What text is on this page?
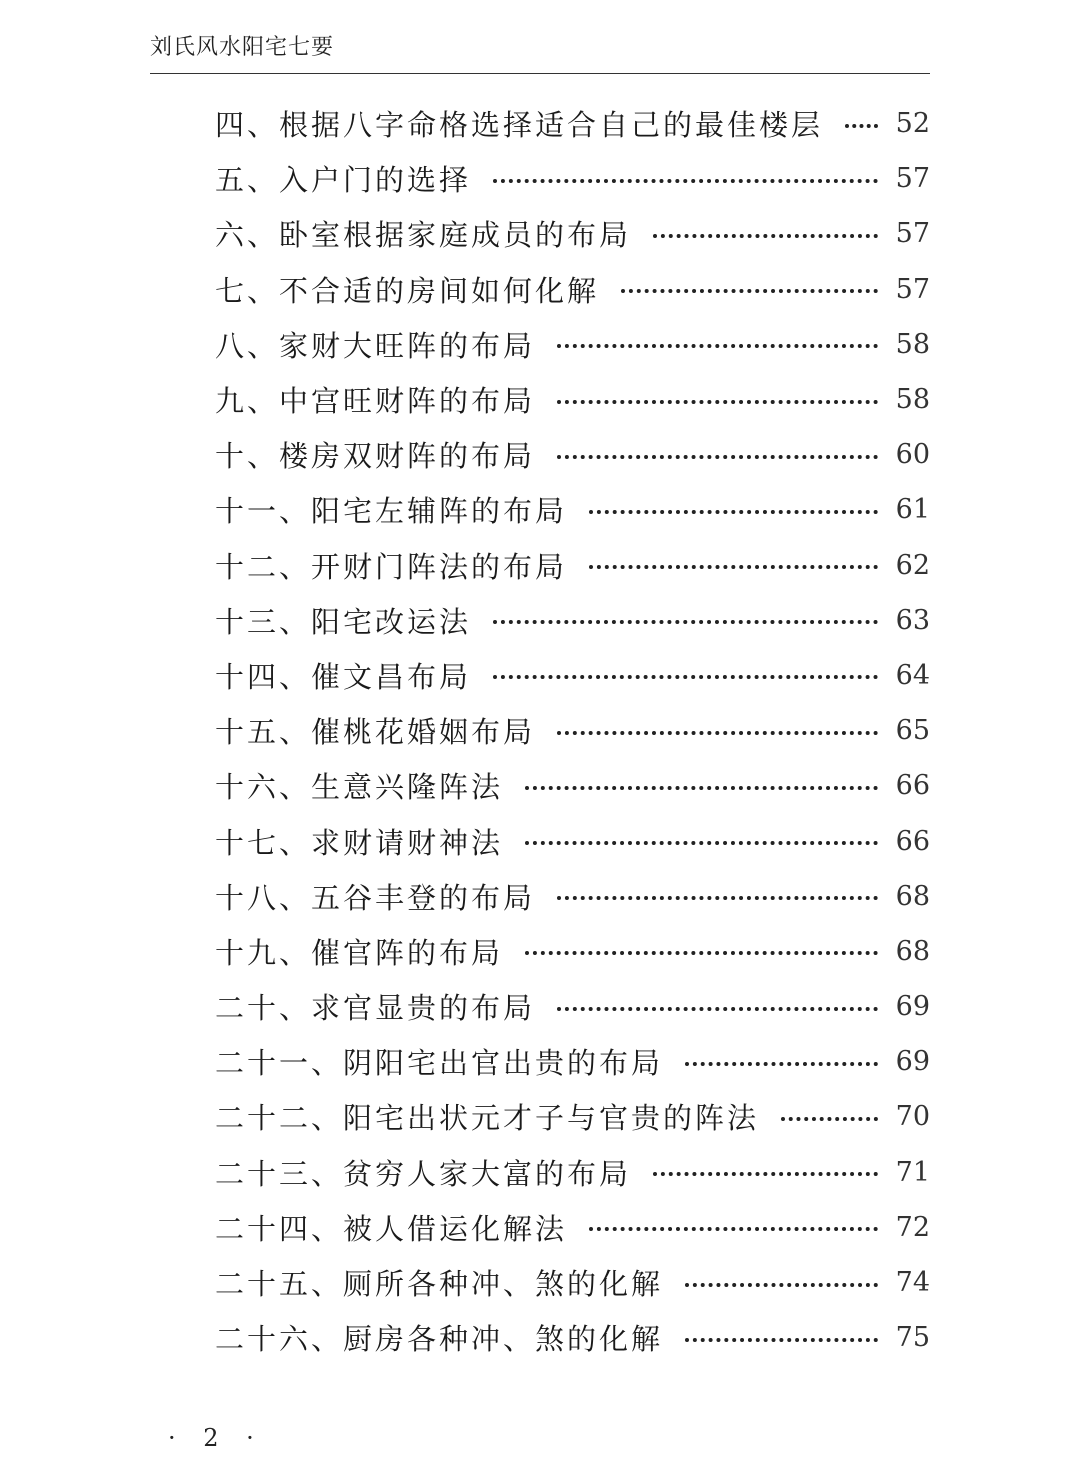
刘氏风水阳宅七要
四、根据八字命格选择适合自己的最佳楼层	52
五、入户门的选择	57
六、卧室根据家庭成员的布局	57
七、不合适的房间如何化解	57
八、家财大旺阵的布局	58
九、中宫旺财阵的布局	58
十、楼房双财阵的布局	60
十一、阳宅左辅阵的布局	61
十二、开财门阵法的布局	62
十三、阳宅改运法	63
十四、催文昌布局	64
十五、催桃花婚姻布局	65
十六、生意兴隆阵法	66
十七、求财请财神法	66
十八、五谷丰登的布局	68
十九、催官阵的布局	68
二十、求官显贵的布局	69
二十一、阴阳宅出官出贵的布局	69
二十二、阳宅出状元才子与官贵的阵法	70
二十三、贫穷人家大富的布局	71
二十四、被人借运化解法	72
二十五、厕所各种冲、煞的化解	74
二十六、厨房各种冲、煞的化解	75
· 2 ·
